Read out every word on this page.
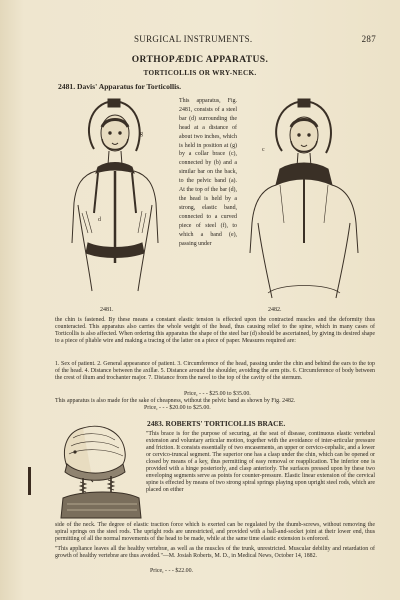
SURGICAL INSTRUMENTS.	287
ORTHOPÆDIC APPARATUS.
TORTICOLLIS OR WRY-NECK.
2481. Davis' Apparatus for Torticollis.
g
d
2481.
This apparatus, Fig. 2481, consists of a steel bar (d) surrounding the head at a distance of about two inches, which is held in position at (g) by a collar brace (c), connected by (b) and a similar bar on the back, to the pelvic band (a). At the top of the bar (d), the head is held by a strong, elastic band, connected to a curved piece of steel (f), to which a band (e), passing under
c
2482.
the chin is fastened. By these means a constant elastic tension is effected upon the contracted muscles and the deformity thus counteracted. This apparatus also carries the whole weight of the head, thus causing relief to the spine, which in many cases of Torticollis is also affected. When ordering this apparatus the shape of the steel bar (d) should be ascertained, by giving its desired shape to a piece of pliable wire and making a tracing of the latter on a piece of paper. Measures required are:
1. Sex of patient. 2. General appearance of patient. 3. Circumference of the head, passing under the chin and behind the ears to the top of the head. 4. Distance between the axillæ. 5. Distance around the shoulder, avoiding the arm pits. 6. Circumference of body between the crest of ilium and trochanter major. 7. Distance from the navel to the top of the cavity of the sternum.
Price, - - - $25.00 to $35.00.
This apparatus is also made for the sake of cheapness, without the pelvic band as shown by Fig. 2482.
Price, - - - $20.00 to $25.00.
2483. ROBERTS' TORTICOLLIS BRACE.
"This brace is for the purpose of securing, at the seat of disease, continuous elastic vertebral extension and voluntary articular motion, together with the avoidance of inter-articular pressure and friction. It consists essentially of two encasements, an upper or cervico-cephalic, and a lower or cervico-truncal segment. The superior one has a clasp under the chin, which can be opened or closed by means of a key, thus permitting of easy removal or reapplication. The inferior one is provided with a hinge posteriorly, and clasp anteriorly. The surfaces pressed upon by these two enveloping segments serve as points for counter-pressure. Elastic linear extension of the cervical spine is effected by means of two strong spiral springs playing upon upright steel rods, which are placed on either
side of the neck. The degree of elastic traction force which is exerted can be regulated by the thumb-screws, without removing the spiral springs on the steel rods. The upright rods are unrestricted, and provided with a ball-and-socket joint at their lower end, thus permitting of all the normal movements of the head to be made, while at the same time elastic extension is enforced.
"This appliance leaves all the healthy vertebræ, as well as the muscles of the trunk, unrestricted. Muscular debility and retardation of growth of healthy vertebræ are thus avoided."—M. Josiah Roberts, M. D., in Medical News, October 14, 1882.
Price, - - - $22.00.
